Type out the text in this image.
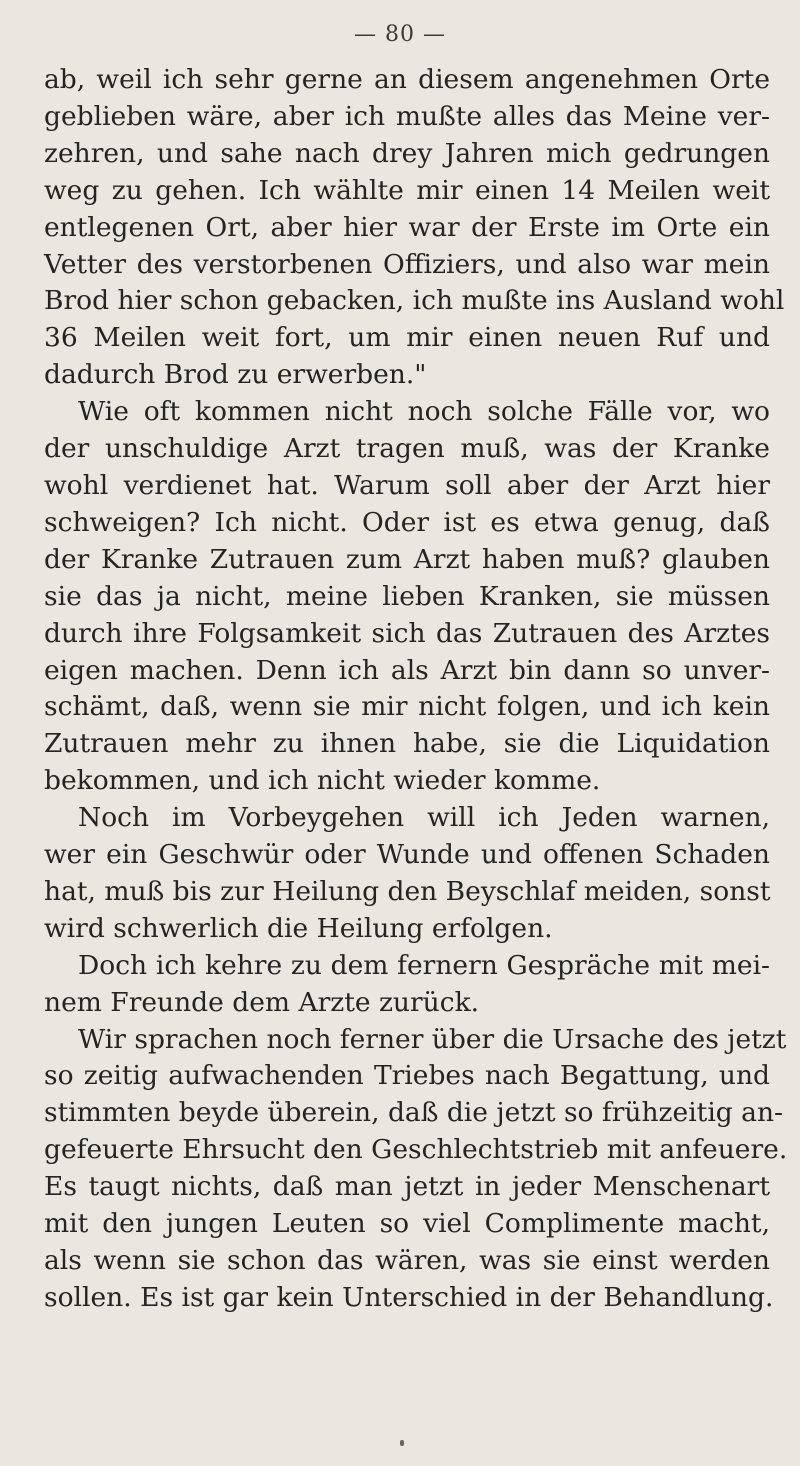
— 80 —
ab, weil ich sehr gerne an diesem angenehmen Orte
geblieben wäre, aber ich mußte alles das Meine ver-
zehren, und sahe nach drey Jahren mich gedrungen
weg zu gehen. Ich wählte mir einen 14 Meilen weit
entlegenen Ort, aber hier war der Erste im Orte ein
Vetter des verstorbenen Offiziers, und also war mein
Brod hier schon gebacken, ich mußte ins Ausland wohl
36 Meilen weit fort, um mir einen neuen Ruf und
dadurch Brod zu erwerben."
Wie oft kommen nicht noch solche Fälle vor, wo
der unschuldige Arzt tragen muß, was der Kranke
wohl verdienet hat. Warum soll aber der Arzt hier
schweigen? Ich nicht. Oder ist es etwa genug, daß
der Kranke Zutrauen zum Arzt haben muß? glauben
sie das ja nicht, meine lieben Kranken, sie müssen
durch ihre Folgsamkeit sich das Zutrauen des Arztes
eigen machen. Denn ich als Arzt bin dann so unver-
schämt, daß, wenn sie mir nicht folgen, und ich kein
Zutrauen mehr zu ihnen habe, sie die Liquidation
bekommen, und ich nicht wieder komme.
Noch im Vorbeygehen will ich Jeden warnen,
wer ein Geschwür oder Wunde und offenen Schaden
hat, muß bis zur Heilung den Beyschlaf meiden, sonst
wird schwerlich die Heilung erfolgen.
Doch ich kehre zu dem fernern Gespräche mit mei-
nem Freunde dem Arzte zurück.
Wir sprachen noch ferner über die Ursache des jetzt
so zeitig aufwachenden Triebes nach Begattung, und
stimmten beyde überein, daß die jetzt so frühzeitig an-
gefeuerte Ehrsucht den Geschlechtstrieb mit anfeuere.
Es taugt nichts, daß man jetzt in jeder Menschenart
mit den jungen Leuten so viel Complimente macht,
als wenn sie schon das wären, was sie einst werden
sollen. Es ist gar kein Unterschied in der Behandlung.
